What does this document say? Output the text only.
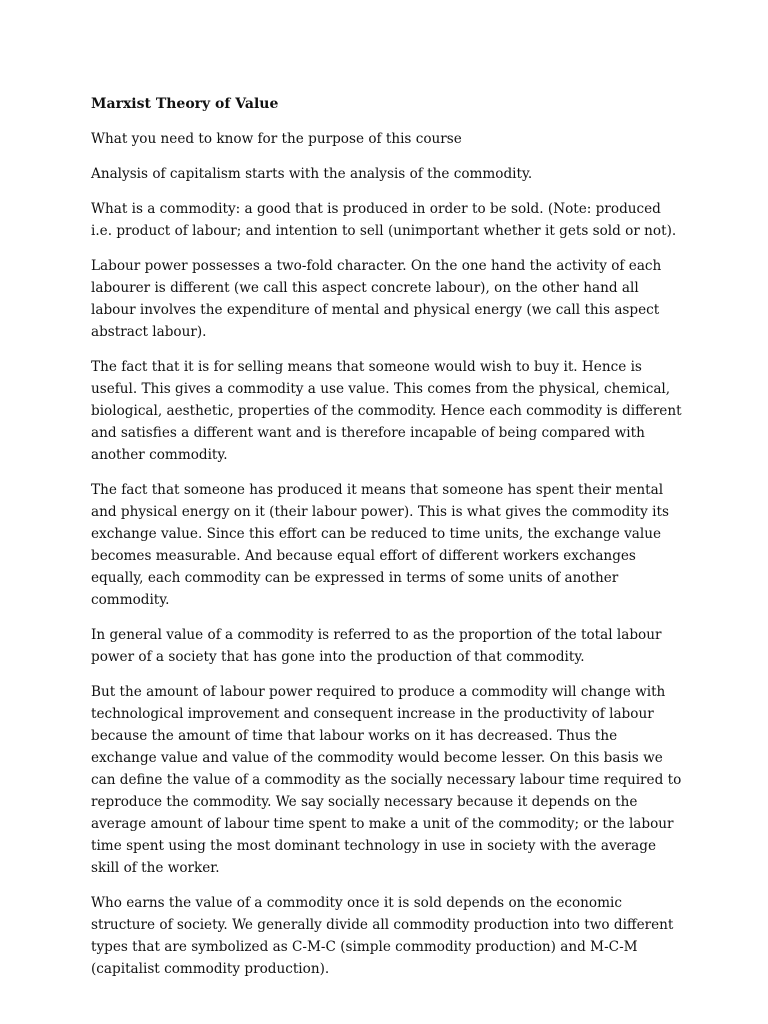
Marxist Theory of Value

What you need to know for the purpose of this course

Analysis of capitalism starts with the analysis of the commodity.

What is a commodity: a good that is produced in order to be sold. (Note: produced i.e. product of labour; and intention to sell (unimportant whether it gets sold or not).

Labour power possesses a two-fold character. On the one hand the activity of each labourer is different (we call this aspect concrete labour), on the other hand all labour involves the expenditure of mental and physical energy (we call this aspect abstract labour).

The fact that it is for selling means that someone would wish to buy it. Hence is useful. This gives a commodity a use value. This comes from the physical, chemical, biological, aesthetic, properties of the commodity. Hence each commodity is different and satisfies a different want and is therefore incapable of being compared with another commodity.

The fact that someone has produced it means that someone has spent their mental and physical energy on it (their labour power). This is what gives the commodity its exchange value. Since this effort can be reduced to time units, the exchange value becomes measurable. And because equal effort of different workers exchanges equally, each commodity can be expressed in terms of some units of another commodity.

In general value of a commodity is referred to as the proportion of the total labour power of a society that has gone into the production of that commodity.

But the amount of labour power required to produce a commodity will change with technological improvement and consequent increase in the productivity of labour because the amount of time that labour works on it has decreased. Thus the exchange value and value of the commodity would become lesser. On this basis we can define the value of a commodity as the socially necessary labour time required to reproduce the commodity. We say socially necessary because it depends on the average amount of labour time spent to make a unit of the commodity; or the labour time spent using the most dominant technology in use in society with the average skill of the worker.

Who earns the value of a commodity once it is sold depends on the economic structure of society. We generally divide all commodity production into two different types that are symbolized as C-M-C (simple commodity production) and M-C-M (capitalist commodity production).
